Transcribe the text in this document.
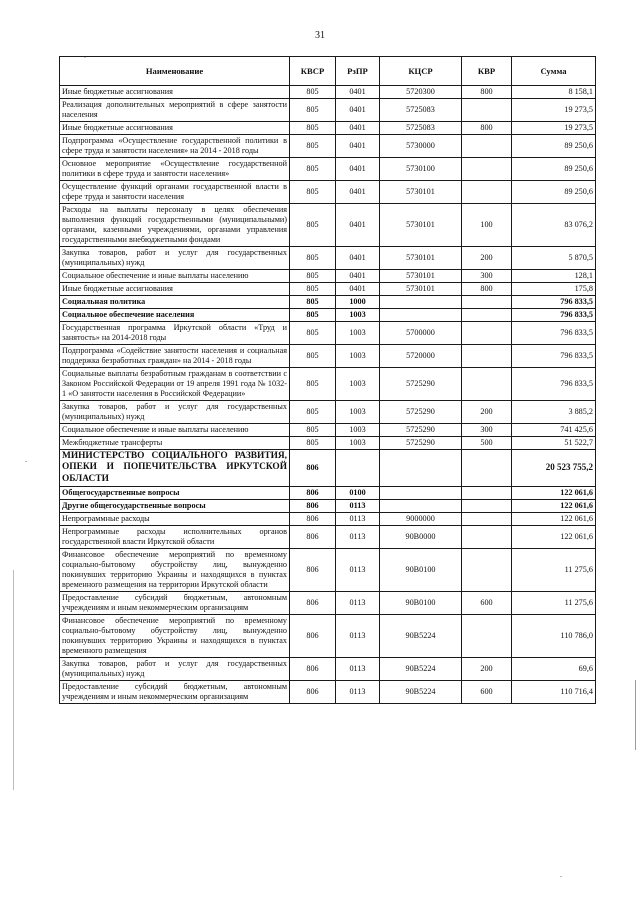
31
,
.
.
Наименование	КВСР	РзПР	КЦСР	КВР	Сумма
Иные бюджетные ассигнования	805	0401	5720300	800	8 158,1
Реализация дополнительных мероприятий в сфере занятости населения	805	0401	5725083		19 273,5
Иные бюджетные ассигнования	805	0401	5725083	800	19 273,5
Подпрограмма «Осуществление государственной политики в сфере труда и занятости населения» на 2014 - 2018 годы	805	0401	5730000		89 250,6
Основное мероприятие «Осуществление государственной политики в сфере труда и занятости населения»	805	0401	5730100		89 250,6
Осуществление функций органами государственной власти в сфере труда и занятости населения	805	0401	5730101		89 250,6
Расходы на выплаты персоналу в целях обеспечения выполнения функций государственными (муниципальными) органами, казенными учреждениями, органами управления государственными внебюджетными фондами	805	0401	5730101	100	83 076,2
Закупка товаров, работ и услуг для государственных (муниципальных) нужд	805	0401	5730101	200	5 870,5
Социальное обеспечение и иные выплаты населению	805	0401	5730101	300	128,1
Иные бюджетные ассигнования	805	0401	5730101	800	175,8
Социальная политика	805	1000			796 833,5
Социальное обеспечение населения	805	1003			796 833,5
Государственная программа Иркутской области «Труд и занятость» на 2014-2018 годы	805	1003	5700000		796 833,5
Подпрограмма «Содействие занятости населения и социальная поддержка безработных граждан» на 2014 - 2018 годы	805	1003	5720000		796 833,5
Социальные выплаты безработным гражданам в соответствии с Законом Российской Федерации от 19 апреля 1991 года № 1032-1 «О занятости населения в Российской Федерации»	805	1003	5725290		796 833,5
Закупка товаров, работ и услуг для государственных (муниципальных) нужд	805	1003	5725290	200	3 885,2
Социальное обеспечение и иные выплаты населению	805	1003	5725290	300	741 425,6
Межбюджетные трансферты	805	1003	5725290	500	51 522,7
МИНИСТЕРСТВО СОЦИАЛЬНОГО РАЗВИТИЯ, ОПЕКИ И ПОПЕЧИТЕЛЬСТВА ИРКУТСКОЙ ОБЛАСТИ	806				20 523 755,2
Общегосударственные вопросы	806	0100			122 061,6
Другие общегосударственные вопросы	806	0113			122 061,6
Непрограммные расходы	806	0113	9000000		122 061,6
Непрограммные расходы исполнительных органов государственной власти Иркутской области	806	0113	90В0000		122 061,6
Финансовое обеспечение мероприятий по временному социально-бытовому обустройству лиц, вынужденно покинувших территорию Украины и находящихся в пунктах временного размещения на территории Иркутской области	806	0113	90В0100		11 275,6
Предоставление субсидий бюджетным, автономным учреждениям и иным некоммерческим организациям	806	0113	90В0100	600	11 275,6
Финансовое обеспечение мероприятий по временному социально-бытовому обустройству лиц, вынужденно покинувших территорию Украины и находящихся в пунктах временного размещения	806	0113	90В5224		110 786,0
Закупка товаров, работ и услуг для государственных (муниципальных) нужд	806	0113	90В5224	200	69,6
Предоставление субсидий бюджетным, автономным учреждениям и иным некоммерческим организациям	806	0113	90В5224	600	110 716,4
